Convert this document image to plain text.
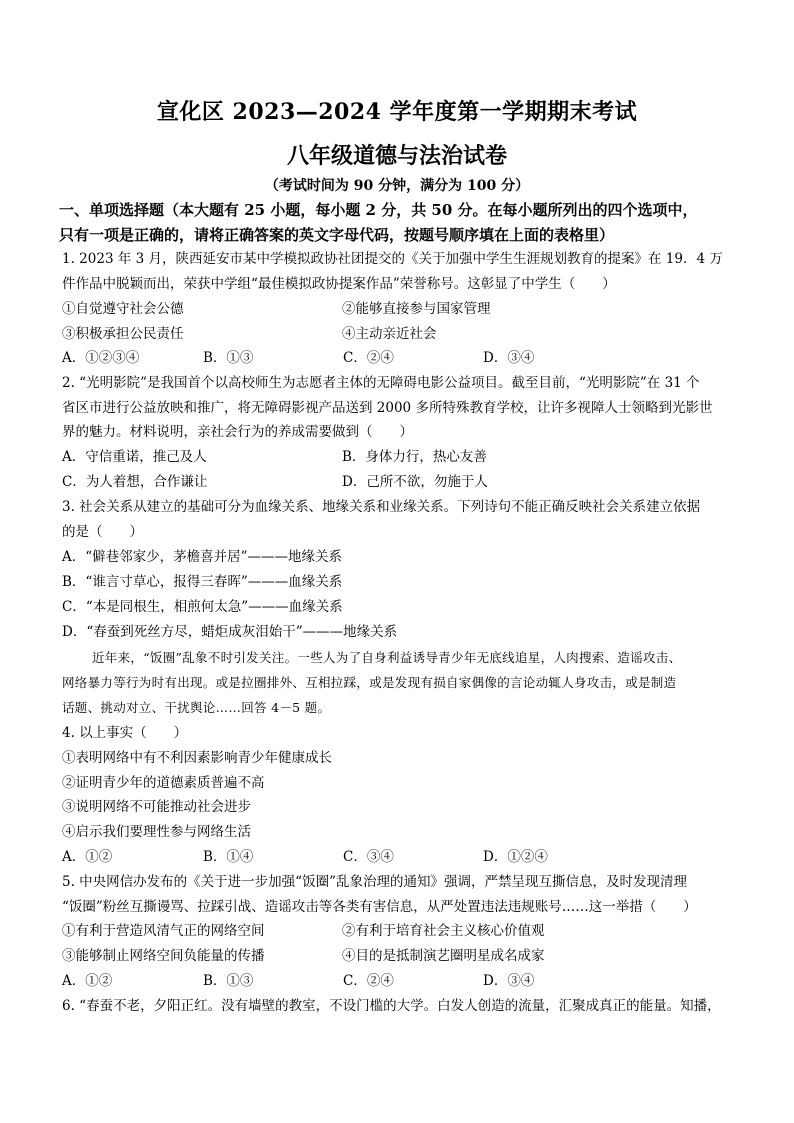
宣化区 2023—2024 学年度第一学期期末考试
八年级道德与法治试卷
（考试时间为 90 分钟，满分为 100 分）
一、单项选择题（本大题有 25 小题，每小题 2 分，共 50 分。在每小题所列出的四个选项中，
只有一项是正确的，请将正确答案的英文字母代码，按题号顺序填在上面的表格里）
1. 2023 年 3 月，陕西延安市某中学模拟政协社团提交的《关于加强中学生生涯规划教育的提案》在 19．4 万
件作品中脱颖而出，荣获中学组“最佳模拟政协提案作品”荣誉称号。这彰显了中学生（　　）
①自觉遵守社会公德	②能够直接参与国家管理
③积极承担公民责任	④主动亲近社会
A．①②③④	B．①③	C．②④	D．③④
2. “光明影院”是我国首个以高校师生为志愿者主体的无障碍电影公益项目。截至目前，“光明影院”在 31 个
省区市进行公益放映和推广，将无障碍影视产品送到 2000 多所特殊教育学校，让许多视障人士领略到光影世
界的魅力。材料说明，亲社会行为的养成需要做到（　　）
A．守信重诺，推己及人	B．身体力行，热心友善
C．为人着想，合作谦让	D．己所不欲，勿施于人
3. 社会关系从建立的基础可分为血缘关系、地缘关系和业缘关系。下列诗句不能正确反映社会关系建立依据
的是（　　）
A．“僻巷邻家少，茅檐喜并居”———地缘关系
B．“谁言寸草心，报得三春晖”———血缘关系
C．“本是同根生，相煎何太急”———血缘关系
D．“春蚕到死丝方尽，蜡炬成灰泪始干”———地缘关系
近年来，“饭圈”乱象不时引发关注。一些人为了自身利益诱导青少年无底线追星，人肉搜索、造谣攻击、
网络暴力等行为时有出现。或是拉圈排外、互相拉踩，或是发现有损自家偶像的言论动辄人身攻击，或是制造
话题、挑动对立、干扰舆论……回答 4－5 题。
4. 以上事实（　　）
①表明网络中有不利因素影响青少年健康成长
②证明青少年的道德素质普遍不高
③说明网络不可能推动社会进步
④启示我们要理性参与网络生活
A．①②	B．①④	C．③④	D．①②④
5. 中央网信办发布的《关于进一步加强“饭圈”乱象治理的通知》强调，严禁呈现互撕信息，及时发现清理
“饭圈”粉丝互撕谩骂、拉踩引战、造谣攻击等各类有害信息，从严处置违法违规账号……这一举措（　　）
①有利于营造风清气正的网络空间	②有利于培育社会主义核心价值观
③能够制止网络空间负能量的传播	④目的是抵制演艺圈明星成名成家
A．①②	B．①③	C．②④	D．③④
6. “春蚕不老，夕阳正红。没有墙壁的教室，不设门槛的大学。白发人创造的流量，汇聚成真正的能量。知播，
